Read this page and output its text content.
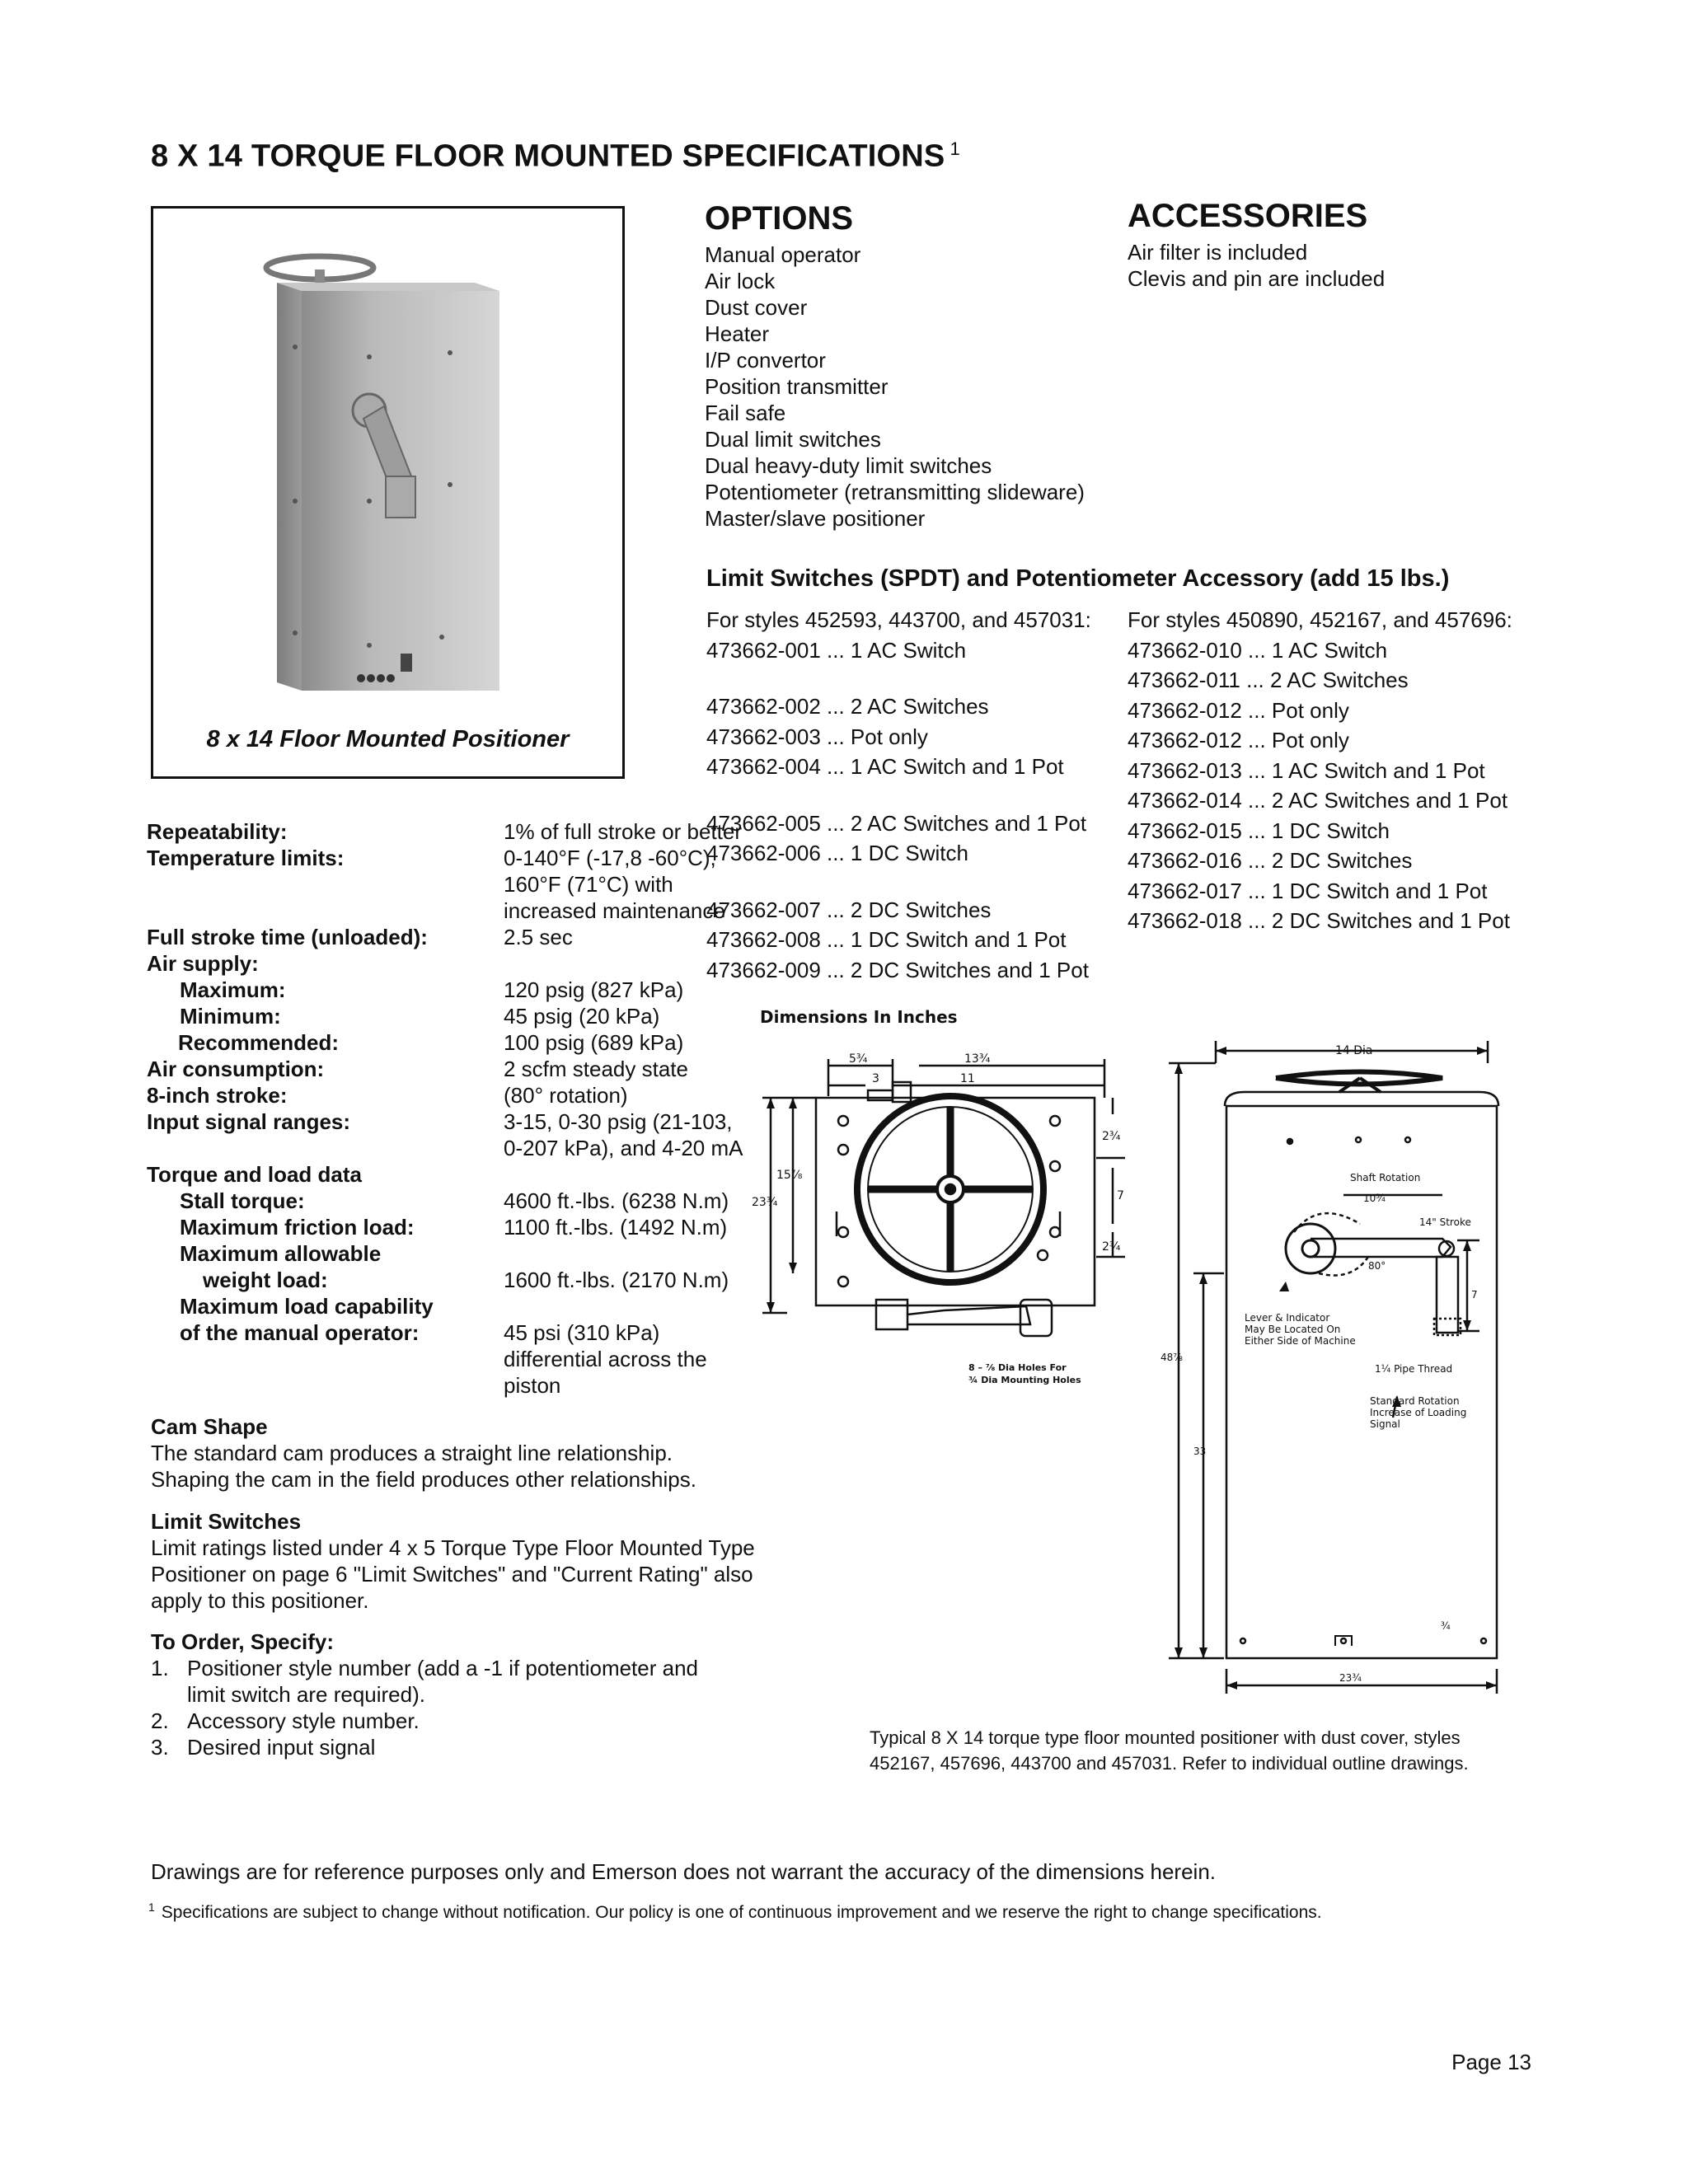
8 X 14 TORQUE FLOOR MOUNTED SPECIFICATIONS $^1$
8 x 14 Floor Mounted Positioner
OPTIONS
Manual operator
Air lock
Dust cover
Heater
I/P convertor
Position transmitter
Fail safe
Dual limit switches
Dual heavy-duty limit switches
Potentiometer (retransmitting slideware)
Master/slave positioner
ACCESSORIES
Air filter is included
Clevis and pin are included
Limit Switches (SPDT) and Potentiometer Accessory (add 15 lbs.)
For styles 452593, 443700, and 457031:
473662-001 ... 1 AC Switch
473662-002 ... 2 AC Switches
473662-003 ... Pot only
473662-004 ... 1 AC Switch and 1 Pot
473662-005 ... 2 AC Switches and 1 Pot
473662-006 ... 1 DC Switch
473662-007 ... 2 DC Switches
473662-008 ... 1 DC Switch and 1 Pot
473662-009 ... 2 DC Switches and 1 Pot
For styles 450890, 452167, and 457696:
473662-010 ... 1 AC Switch
473662-011 ... 2 AC Switches
473662-012 ... Pot only
473662-012 ... Pot only
473662-013 ... 1 AC Switch and 1 Pot
473662-014 ... 2 AC Switches and 1 Pot
473662-015 ... 1 DC Switch
473662-016 ... 2 DC Switches
473662-017 ... 1 DC Switch and 1 Pot
473662-018 ... 2 DC Switches and 1 Pot
Repeatability:	1% of full stroke or better
Temperature limits:	0-140°F (-17,8 -60°C),
	160°F (71°C) with
	increased maintenance
Full stroke time (unloaded):	2.5 sec
Air supply:	
Maximum:	120 psig (827 kPa)
Minimum:	45 psig (20 kPa)
Recommended:	100 psig (689 kPa)
Air consumption:	2 scfm steady state
8-inch stroke:	(80° rotation)
Input signal ranges:	3-15, 0-30 psig (21-103,
	0-207 kPa), and 4-20 mA
Torque and load data	
Stall torque:	4600 ft.-lbs. (6238 N.m)
Maximum friction load:	1100 ft.-lbs. (1492 N.m)
Maximum allowable	
weight load:	1600 ft.-lbs. (2170 N.m)
Maximum load capability	
of the manual operator:	45 psi (310 kPa)
	differential across the
	piston
Cam Shape
The standard cam produces a straight line relationship.
Shaping the cam in the field produces other relationships.
Limit Switches
Limit ratings listed under 4 x 5 Torque Type Floor Mounted Type
Positioner on page 6 "Limit Switches" and "Current Rating" also
apply to this positioner.
To Order, Specify:
1. Positioner style number (add a -1 if potentiometer and
limit switch are required).
2. Accessory style number.
3. Desired input signal
Dimensions In Inches
5¾	13¾
3	11
2¾
15⅞
23¾	7
2¾
8 – ⅞ Dia Holes For
¾ Dia Mounting Holes
14 Dia
Shaft Rotation
10¾
14" Stroke
80°
7
Lever & Indicator
May Be Located On
Either Side of Machine
1¼ Pipe Thread
Standard Rotation
Increase of Loading
Signal
48⅞
33
¾
23¾
Typical 8 X 14 torque type floor mounted positioner with dust cover, styles
452167, 457696, 443700 and 457031. Refer to individual outline drawings.
Drawings are for reference purposes only and Emerson does not warrant the accuracy of the dimensions herein.
$^1$ Specifications are subject to change without notification. Our policy is one of continuous improvement and we reserve the right to change specifications.
Page 13
